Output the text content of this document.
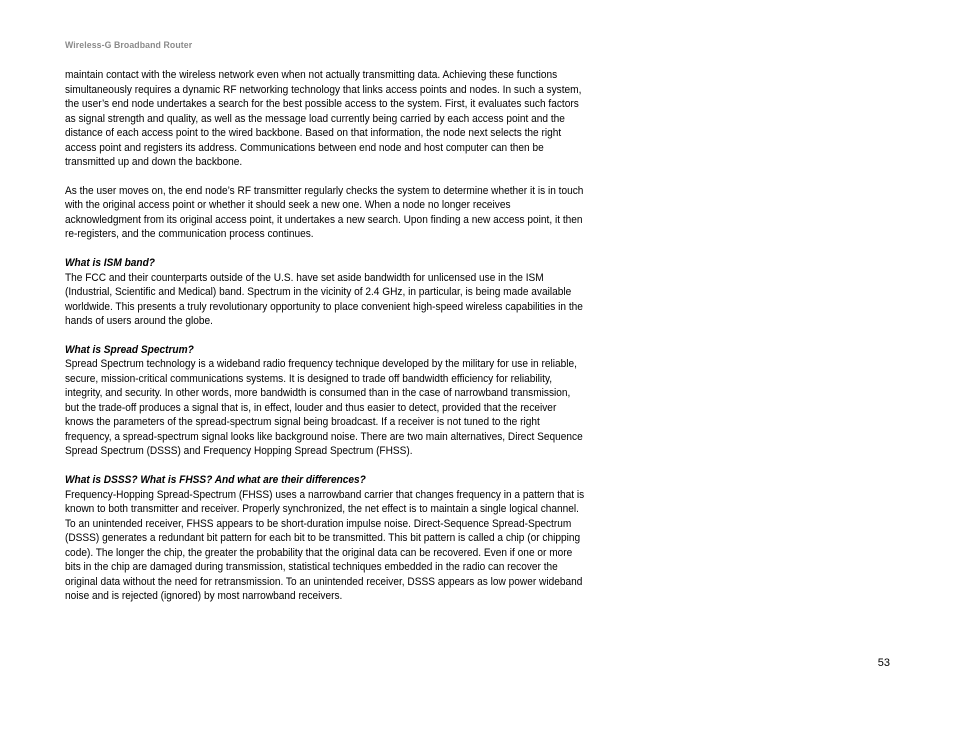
Wireless-G Broadband Router

maintain contact with the wireless network even when not actually transmitting data. Achieving these functions simultaneously requires a dynamic RF networking technology that links access points and nodes. In such a system, the user’s end node undertakes a search for the best possible access to the system. First, it evaluates such factors as signal strength and quality, as well as the message load currently being carried by each access point and the distance of each access point to the wired backbone. Based on that information, the node next selects the right access point and registers its address. Communications between end node and host computer can then be transmitted up and down the backbone.

As the user moves on, the end node’s RF transmitter regularly checks the system to determine whether it is in touch with the original access point or whether it should seek a new one. When a node no longer receives acknowledgment from its original access point, it undertakes a new search. Upon finding a new access point, it then re-registers, and the communication process continues.

What is ISM band?

The FCC and their counterparts outside of the U.S. have set aside bandwidth for unlicensed use in the ISM (Industrial, Scientific and Medical) band. Spectrum in the vicinity of 2.4 GHz, in particular, is being made available worldwide. This presents a truly revolutionary opportunity to place convenient high-speed wireless capabilities in the hands of users around the globe.

What is Spread Spectrum?

Spread Spectrum technology is a wideband radio frequency technique developed by the military for use in reliable, secure, mission-critical communications systems. It is designed to trade off bandwidth efficiency for reliability, integrity, and security. In other words, more bandwidth is consumed than in the case of narrowband transmission, but the trade-off produces a signal that is, in effect, louder and thus easier to detect, provided that the receiver knows the parameters of the spread-spectrum signal being broadcast. If a receiver is not tuned to the right frequency, a spread-spectrum signal looks like background noise. There are two main alternatives, Direct Sequence Spread Spectrum (DSSS) and Frequency Hopping Spread Spectrum (FHSS).

What is DSSS? What is FHSS? And what are their differences?

Frequency-Hopping Spread-Spectrum (FHSS) uses a narrowband carrier that changes frequency in a pattern that is known to both transmitter and receiver. Properly synchronized, the net effect is to maintain a single logical channel. To an unintended receiver, FHSS appears to be short-duration impulse noise. Direct-Sequence Spread-Spectrum (DSSS) generates a redundant bit pattern for each bit to be transmitted. This bit pattern is called a chip (or chipping code). The longer the chip, the greater the probability that the original data can be recovered. Even if one or more bits in the chip are damaged during transmission, statistical techniques embedded in the radio can recover the original data without the need for retransmission. To an unintended receiver, DSSS appears as low power wideband noise and is rejected (ignored) by most narrowband receivers.

53
